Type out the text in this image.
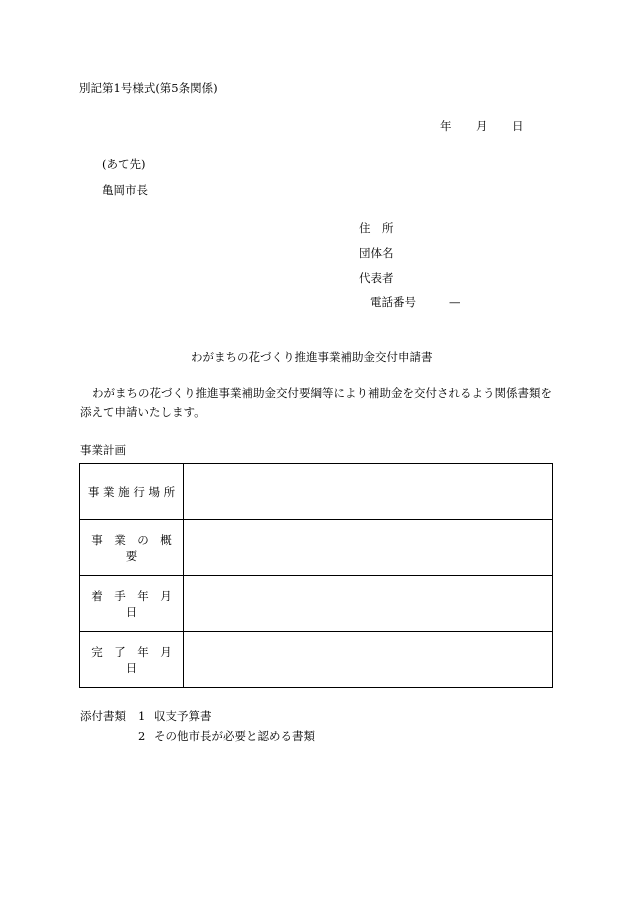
別記第1号様式(第5条関係)
年 月 日
(あて先)
亀岡市長
住　所
団体名
代表者
電話番号	—
わがまちの花づくり推進事業補助金交付申請書
わがまちの花づくり推進事業補助金交付要綱等により補助金を交付されるよう関係書類を添えて申請いたします。
事業計画
事 業 施 行 場 所	
事　業　の　概　要	
着　手　年　月　日	
完　了　年　月　日	
添付書類 1 収支予算書
2 その他市長が必要と認める書類
